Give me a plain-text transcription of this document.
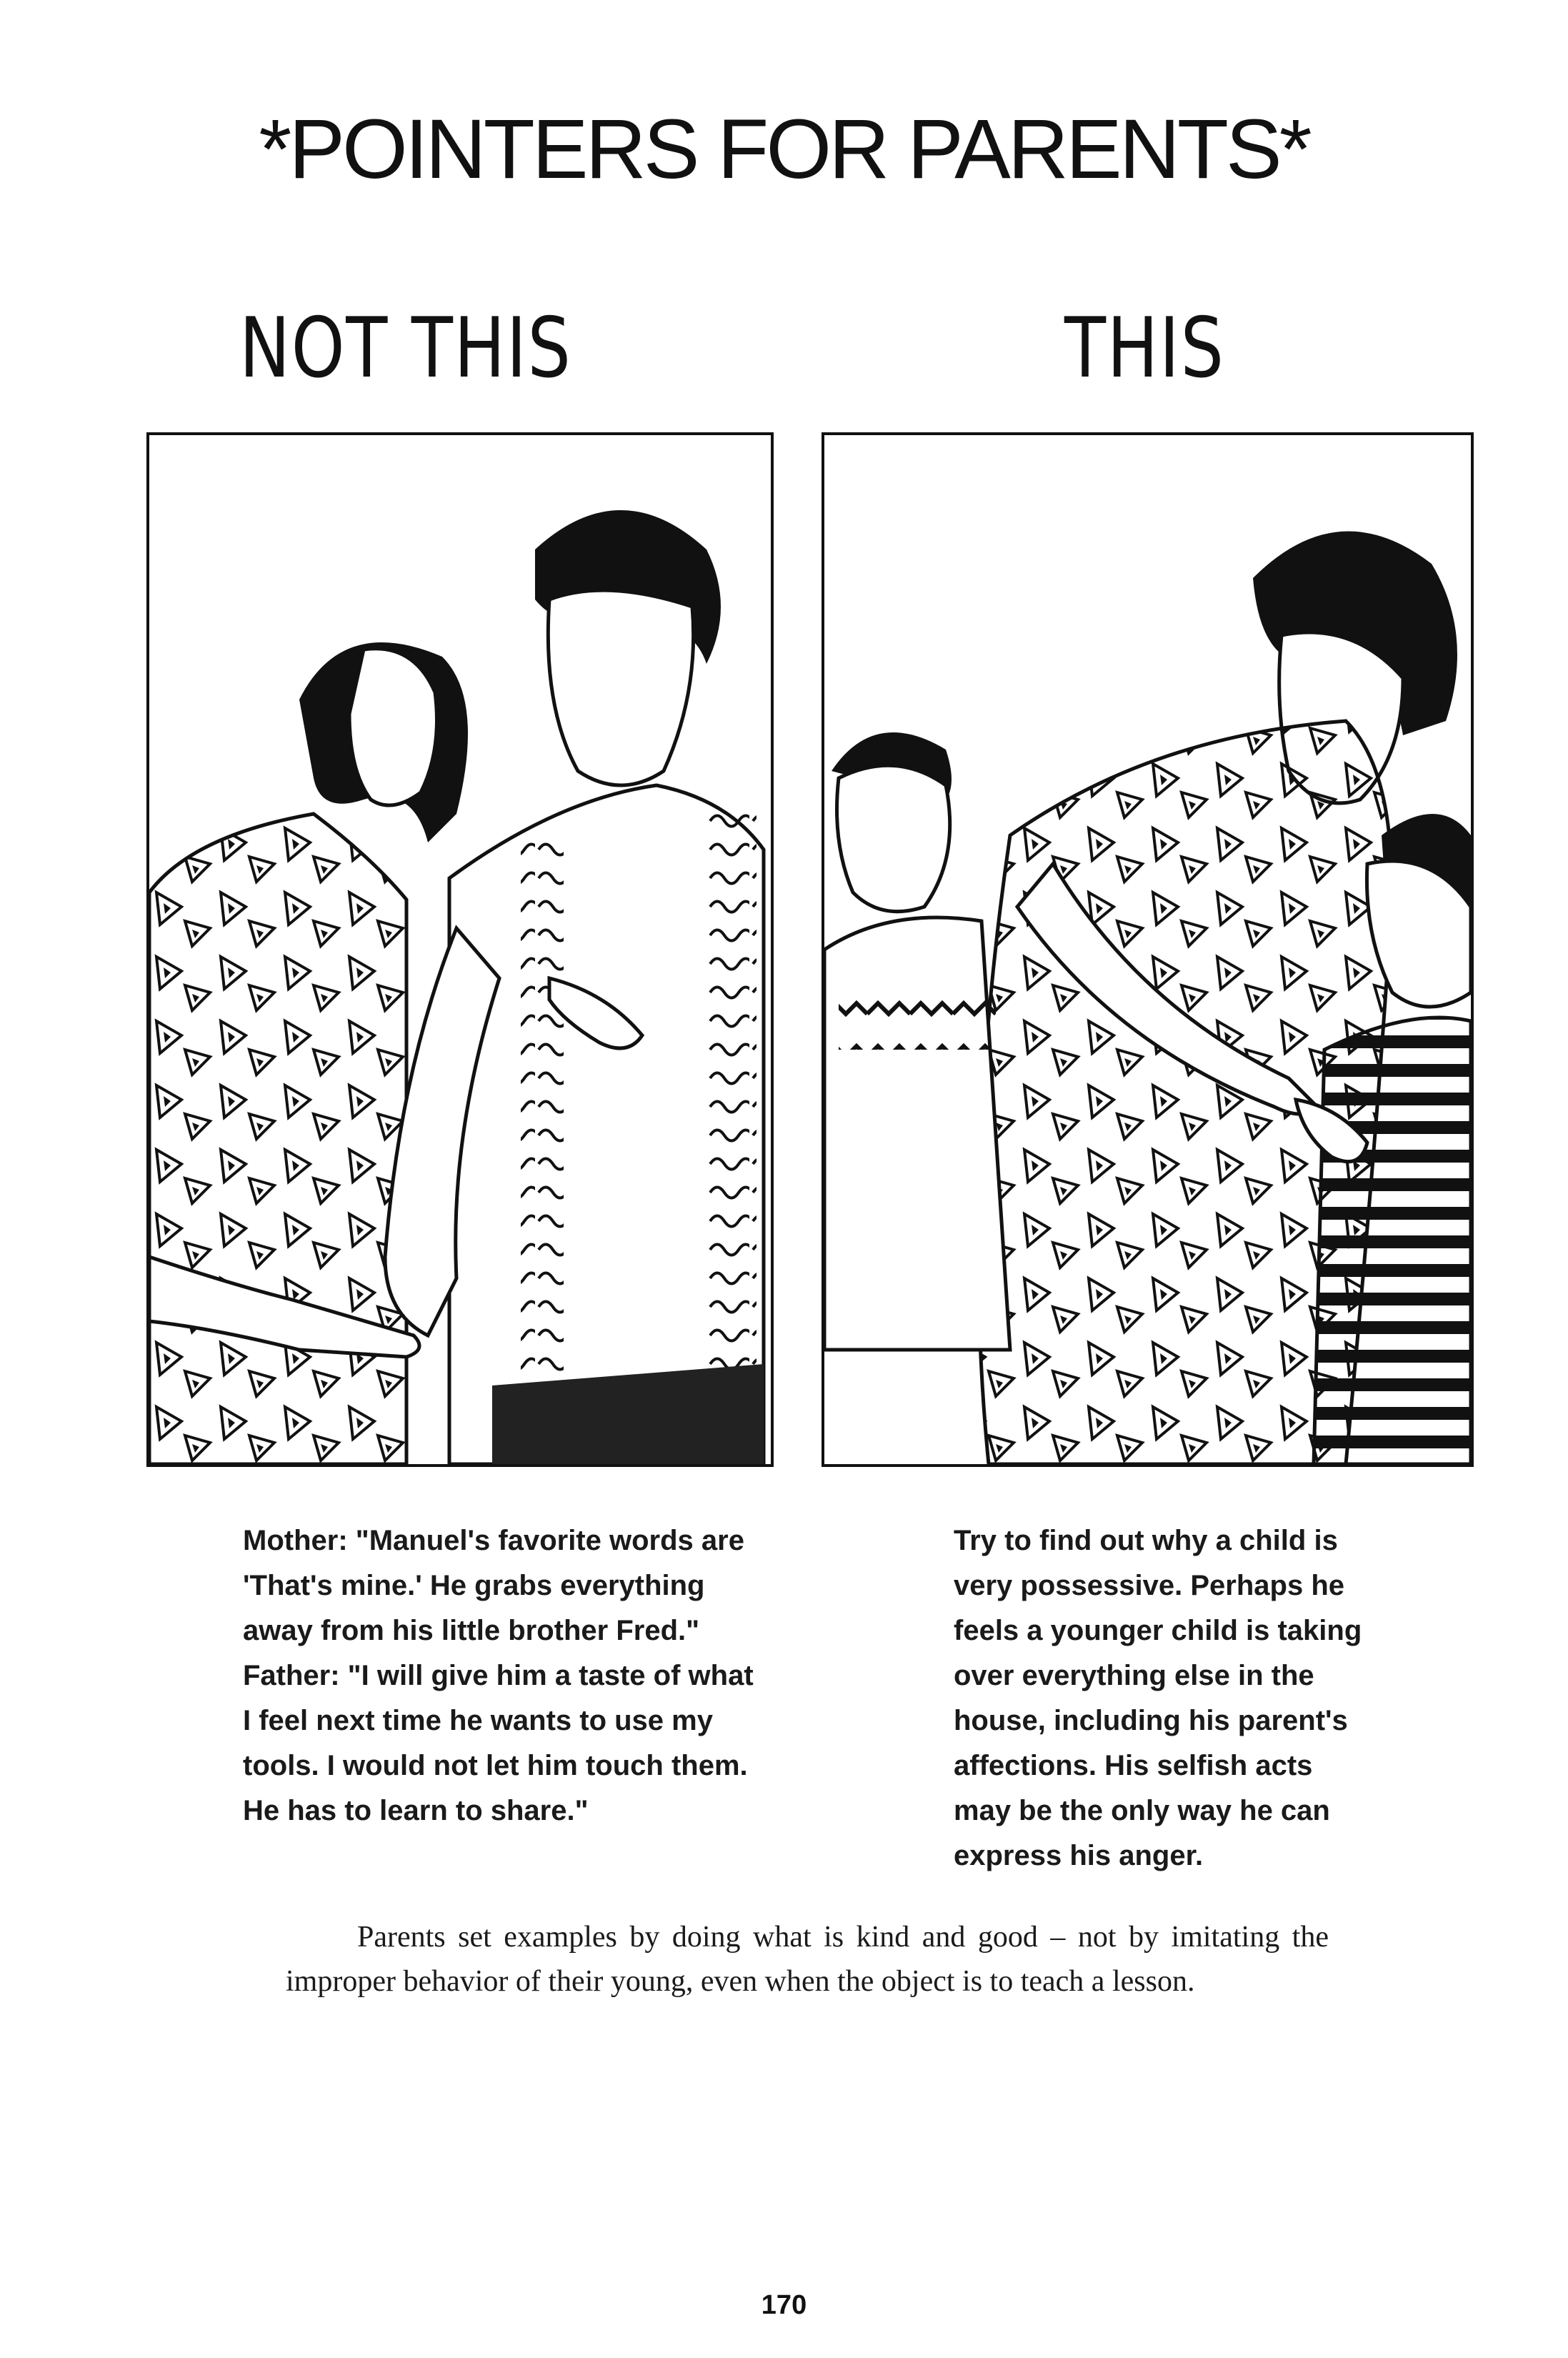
*POINTERS FOR PARENTS*
NOT THIS	THIS

Mother: "Manuel's favorite words are 'That's mine.' He grabs everything away from his little brother Fred."

Father: "I will give him a taste of what I feel next time he wants to use my tools. I would not let him touch them. He has to learn to share."

Try to find out why a child is very possessive. Perhaps he feels a younger child is taking over everything else in the house, including his parent's affections. His selfish acts may be the only way he can express his anger.

Parents set examples by doing what is kind and good – not by imitating the improper behavior of their young, even when the object is to teach a lesson.
170
